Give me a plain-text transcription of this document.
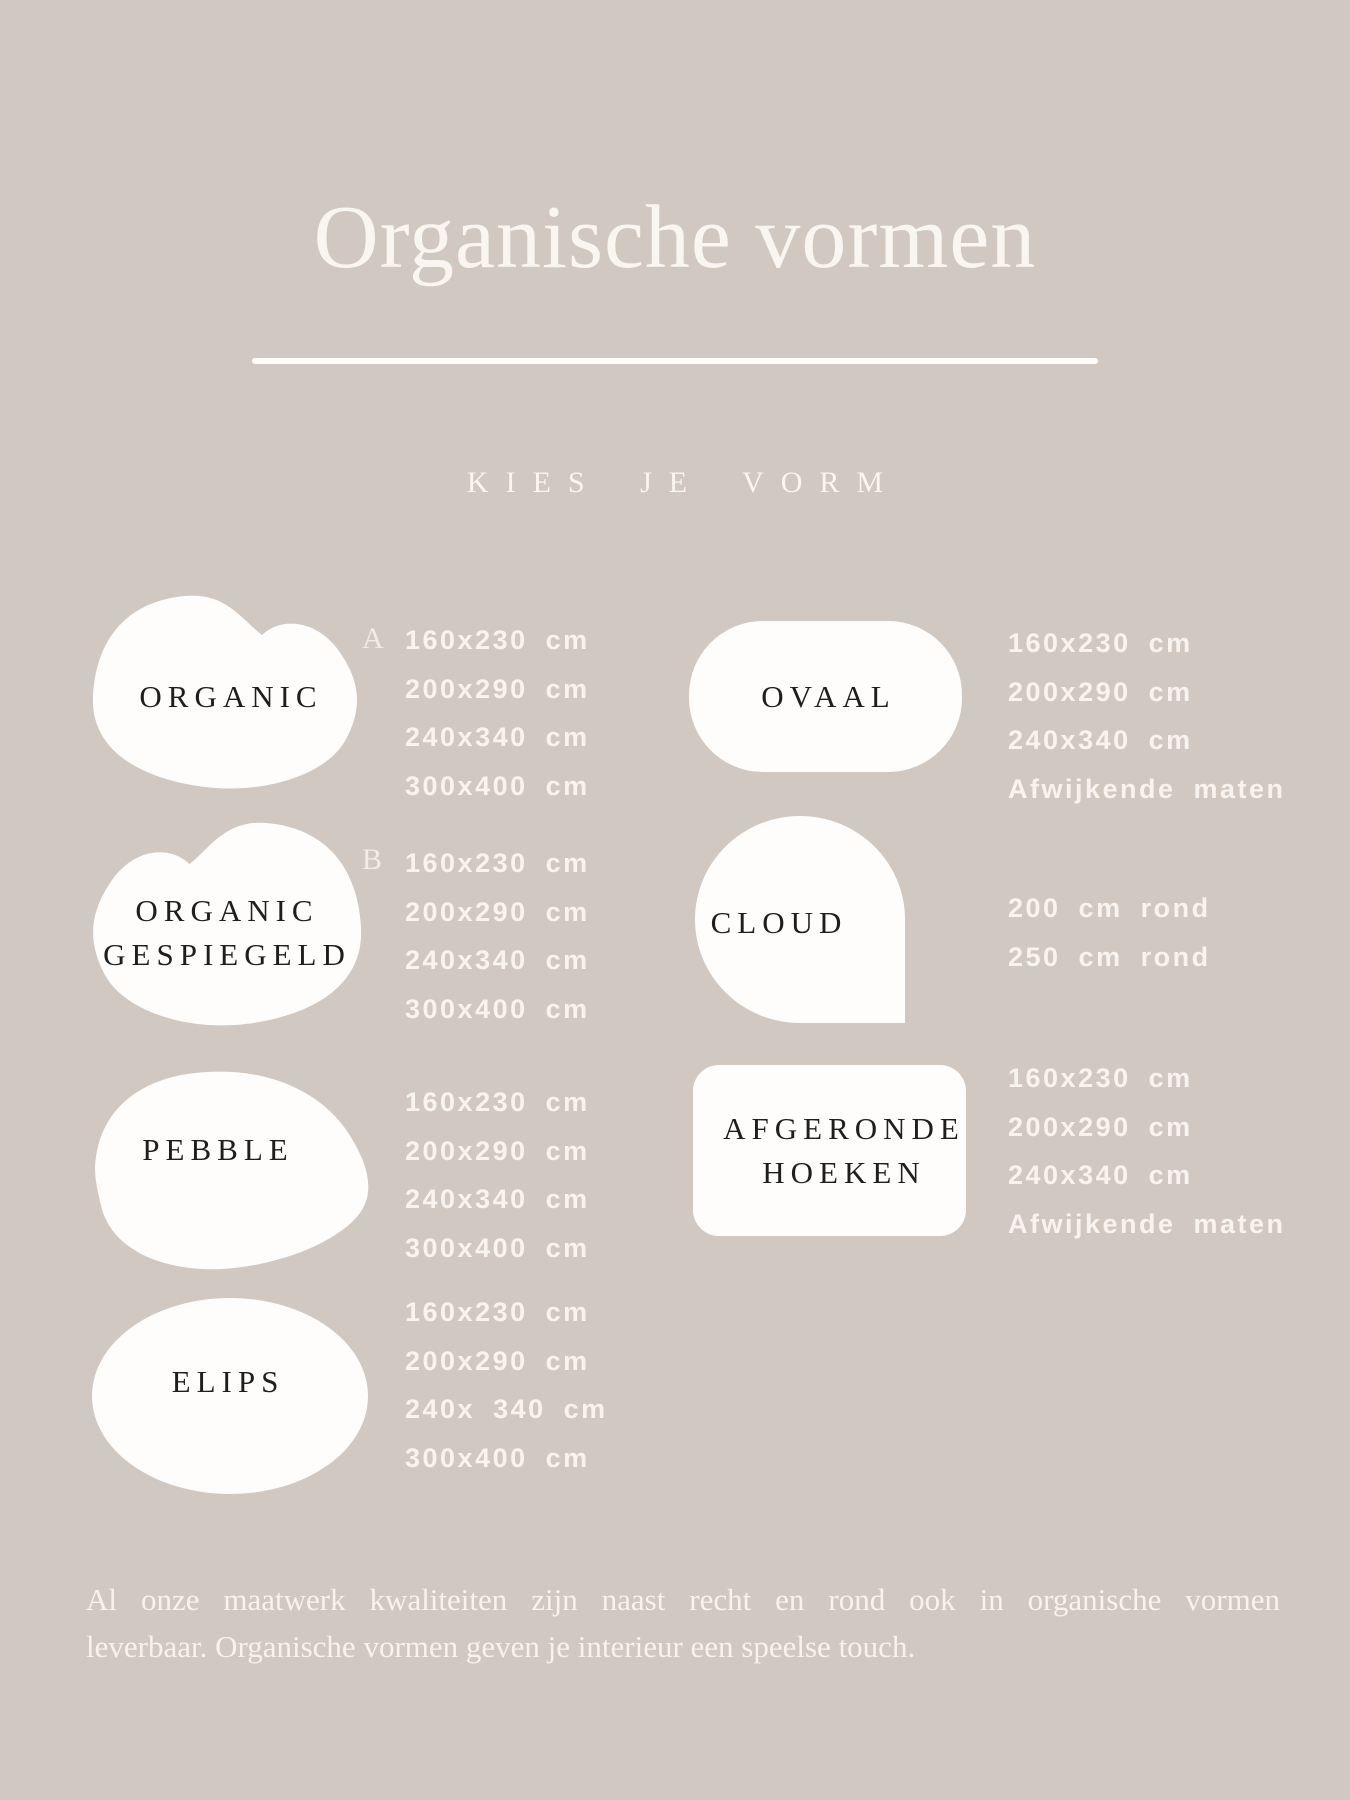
Organische vormen
KIES JE VORM
ORGANIC
A 160x230 cm
200x290 cm
240x340 cm
300x400 cm
ORGANIC
GESPIEGELD
B 160x230 cm
200x290 cm
240x340 cm
300x400 cm
PEBBLE
160x230 cm
200x290 cm
240x340 cm
300x400 cm
ELIPS
160x230 cm
200x290 cm
240x 340 cm
300x400 cm
OVAAL
160x230 cm
200x290 cm
240x340 cm
Afwijkende maten
CLOUD	200 cm rond
250 cm rond
AFGERONDE
HOEKEN
160x230 cm
200x290 cm
240x340 cm
Afwijkende maten
Al onze maatwerk kwaliteiten zijn naast recht en rond ook in organische vormen
leverbaar. Organische vormen geven je interieur een speelse touch.
